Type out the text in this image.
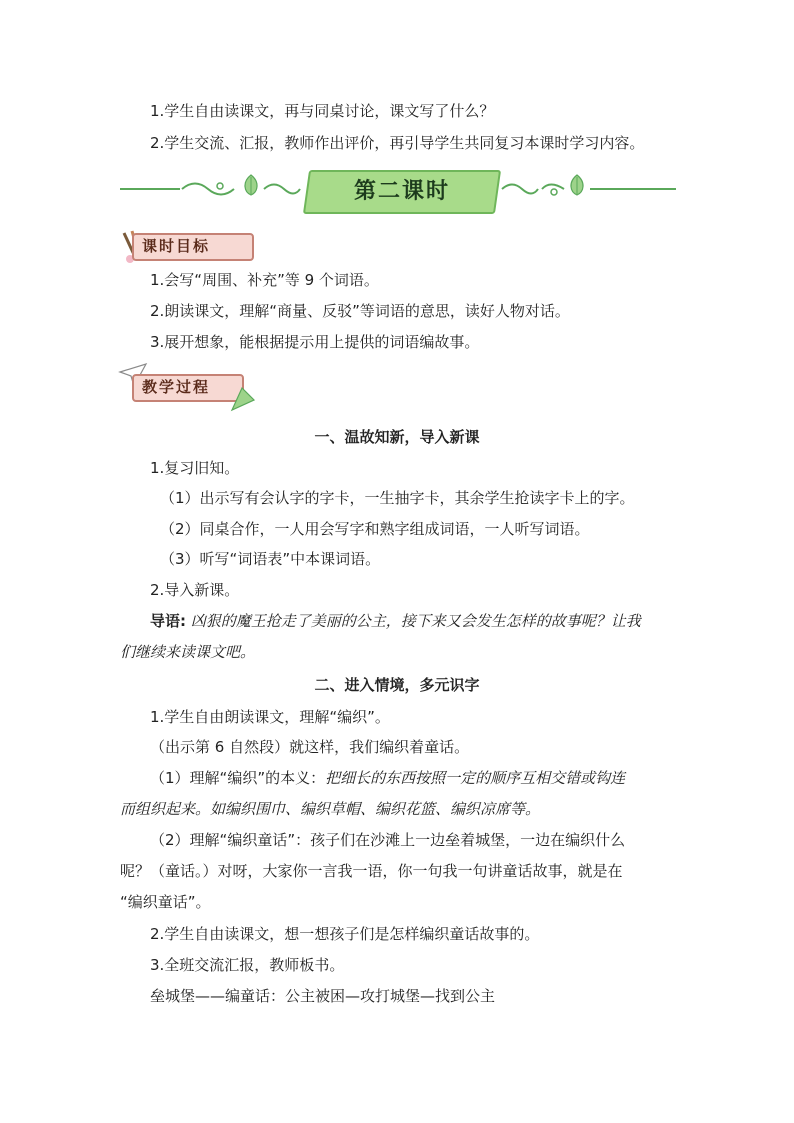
1.学生自由读课文，再与同桌讨论，课文写了什么？
2.学生交流、汇报，教师作出评价，再引导学生共同复习本课时学习内容。
第二课时
课时目标
1.会写“周围、补充”等 9 个词语。
2.朗读课文，理解“商量、反驳”等词语的意思，读好人物对话。
3.展开想象，能根据提示用上提供的词语编故事。
教学过程
一、温故知新，导入新课
1.复习旧知。
（1）出示写有会认字的字卡，一生抽字卡，其余学生抢读字卡上的字。
（2）同桌合作，一人用会写字和熟字组成词语，一人听写词语。
（3）听写“词语表”中本课词语。
2.导入新课。
导语: 凶狠的魔王抢走了美丽的公主，接下来又会发生怎样的故事呢？让我
们继续来读课文吧。
二、进入情境，多元识字
1.学生自由朗读课文，理解“编织”。
（出示第 6 自然段）就这样，我们编织着童话。
（1）理解“编织”的本义：把细长的东西按照一定的顺序互相交错或钩连
而组织起来。如编织围巾、编织草帽、编织花篮、编织凉席等。
（2）理解“编织童话”：孩子们在沙滩上一边垒着城堡，一边在编织什么
呢？（童话。）对呀，大家你一言我一语，你一句我一句讲童话故事，就是在
“编织童话”。
2.学生自由读课文，想一想孩子们是怎样编织童话故事的。
3.全班交流汇报，教师板书。
垒城堡——编童话：公主被困—攻打城堡—找到公主
